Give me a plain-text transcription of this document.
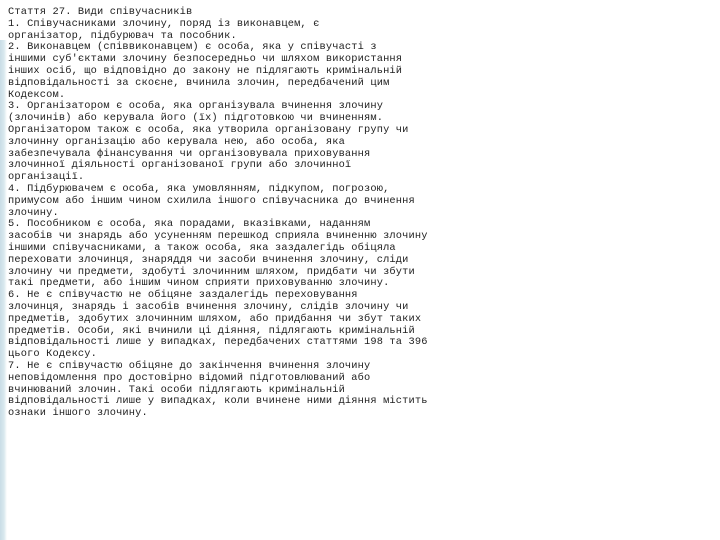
Стаття 27. Види співучасників
1. Співучасниками злочину, поряд із виконавцем, є
організатор, підбурювач та пособник.
2. Виконавцем (співвиконавцем) є особа, яка у співучасті з
іншими суб'єктами злочину безпосередньо чи шляхом використання
інших осіб, що відповідно до закону не підлягають кримінальній
відповідальності за скоєне, вчинила злочин, передбачений цим
Кодексом.
3. Організатором є особа, яка організувала вчинення злочину
(злочинів) або керувала його (їх) підготовкою чи вчиненням.
Організатором також є особа, яка утворила організовану групу чи
злочинну організацію або керувала нею, або особа, яка
забезпечувала фінансування чи організовувала приховування
злочинної діяльності організованої групи або злочинної
організації.
4. Підбурювачем є особа, яка умовлянням, підкупом, погрозою,
примусом або іншим чином схилила іншого співучасника до вчинення
злочину.
5. Пособником є особа, яка порадами, вказівками, наданням
засобів чи знарядь або усуненням перешкод сприяла вчиненню злочину
іншими співучасниками, а також особа, яка заздалегідь обіцяла
переховати злочинця, знаряддя чи засоби вчинення злочину, сліди
злочину чи предмети, здобуті злочинним шляхом, придбати чи збути
такі предмети, або іншим чином сприяти приховуванню злочину.
6. Не є співучастю не обіцяне заздалегідь переховування
злочинця, знарядь і засобів вчинення злочину, слідів злочину чи
предметів, здобутих злочинним шляхом, або придбання чи збут таких
предметів. Особи, які вчинили ці діяння, підлягають кримінальній
відповідальності лише у випадках, передбачених статтями 198 та 396
цього Кодексу.
7. Не є співучастю обіцяне до закінчення вчинення злочину
неповідомлення про достовірно відомий підготовлюваний або
вчинюваний злочин. Такі особи підлягають кримінальній
відповідальності лише у випадках, коли вчинене ними діяння містить
ознаки іншого злочину.
